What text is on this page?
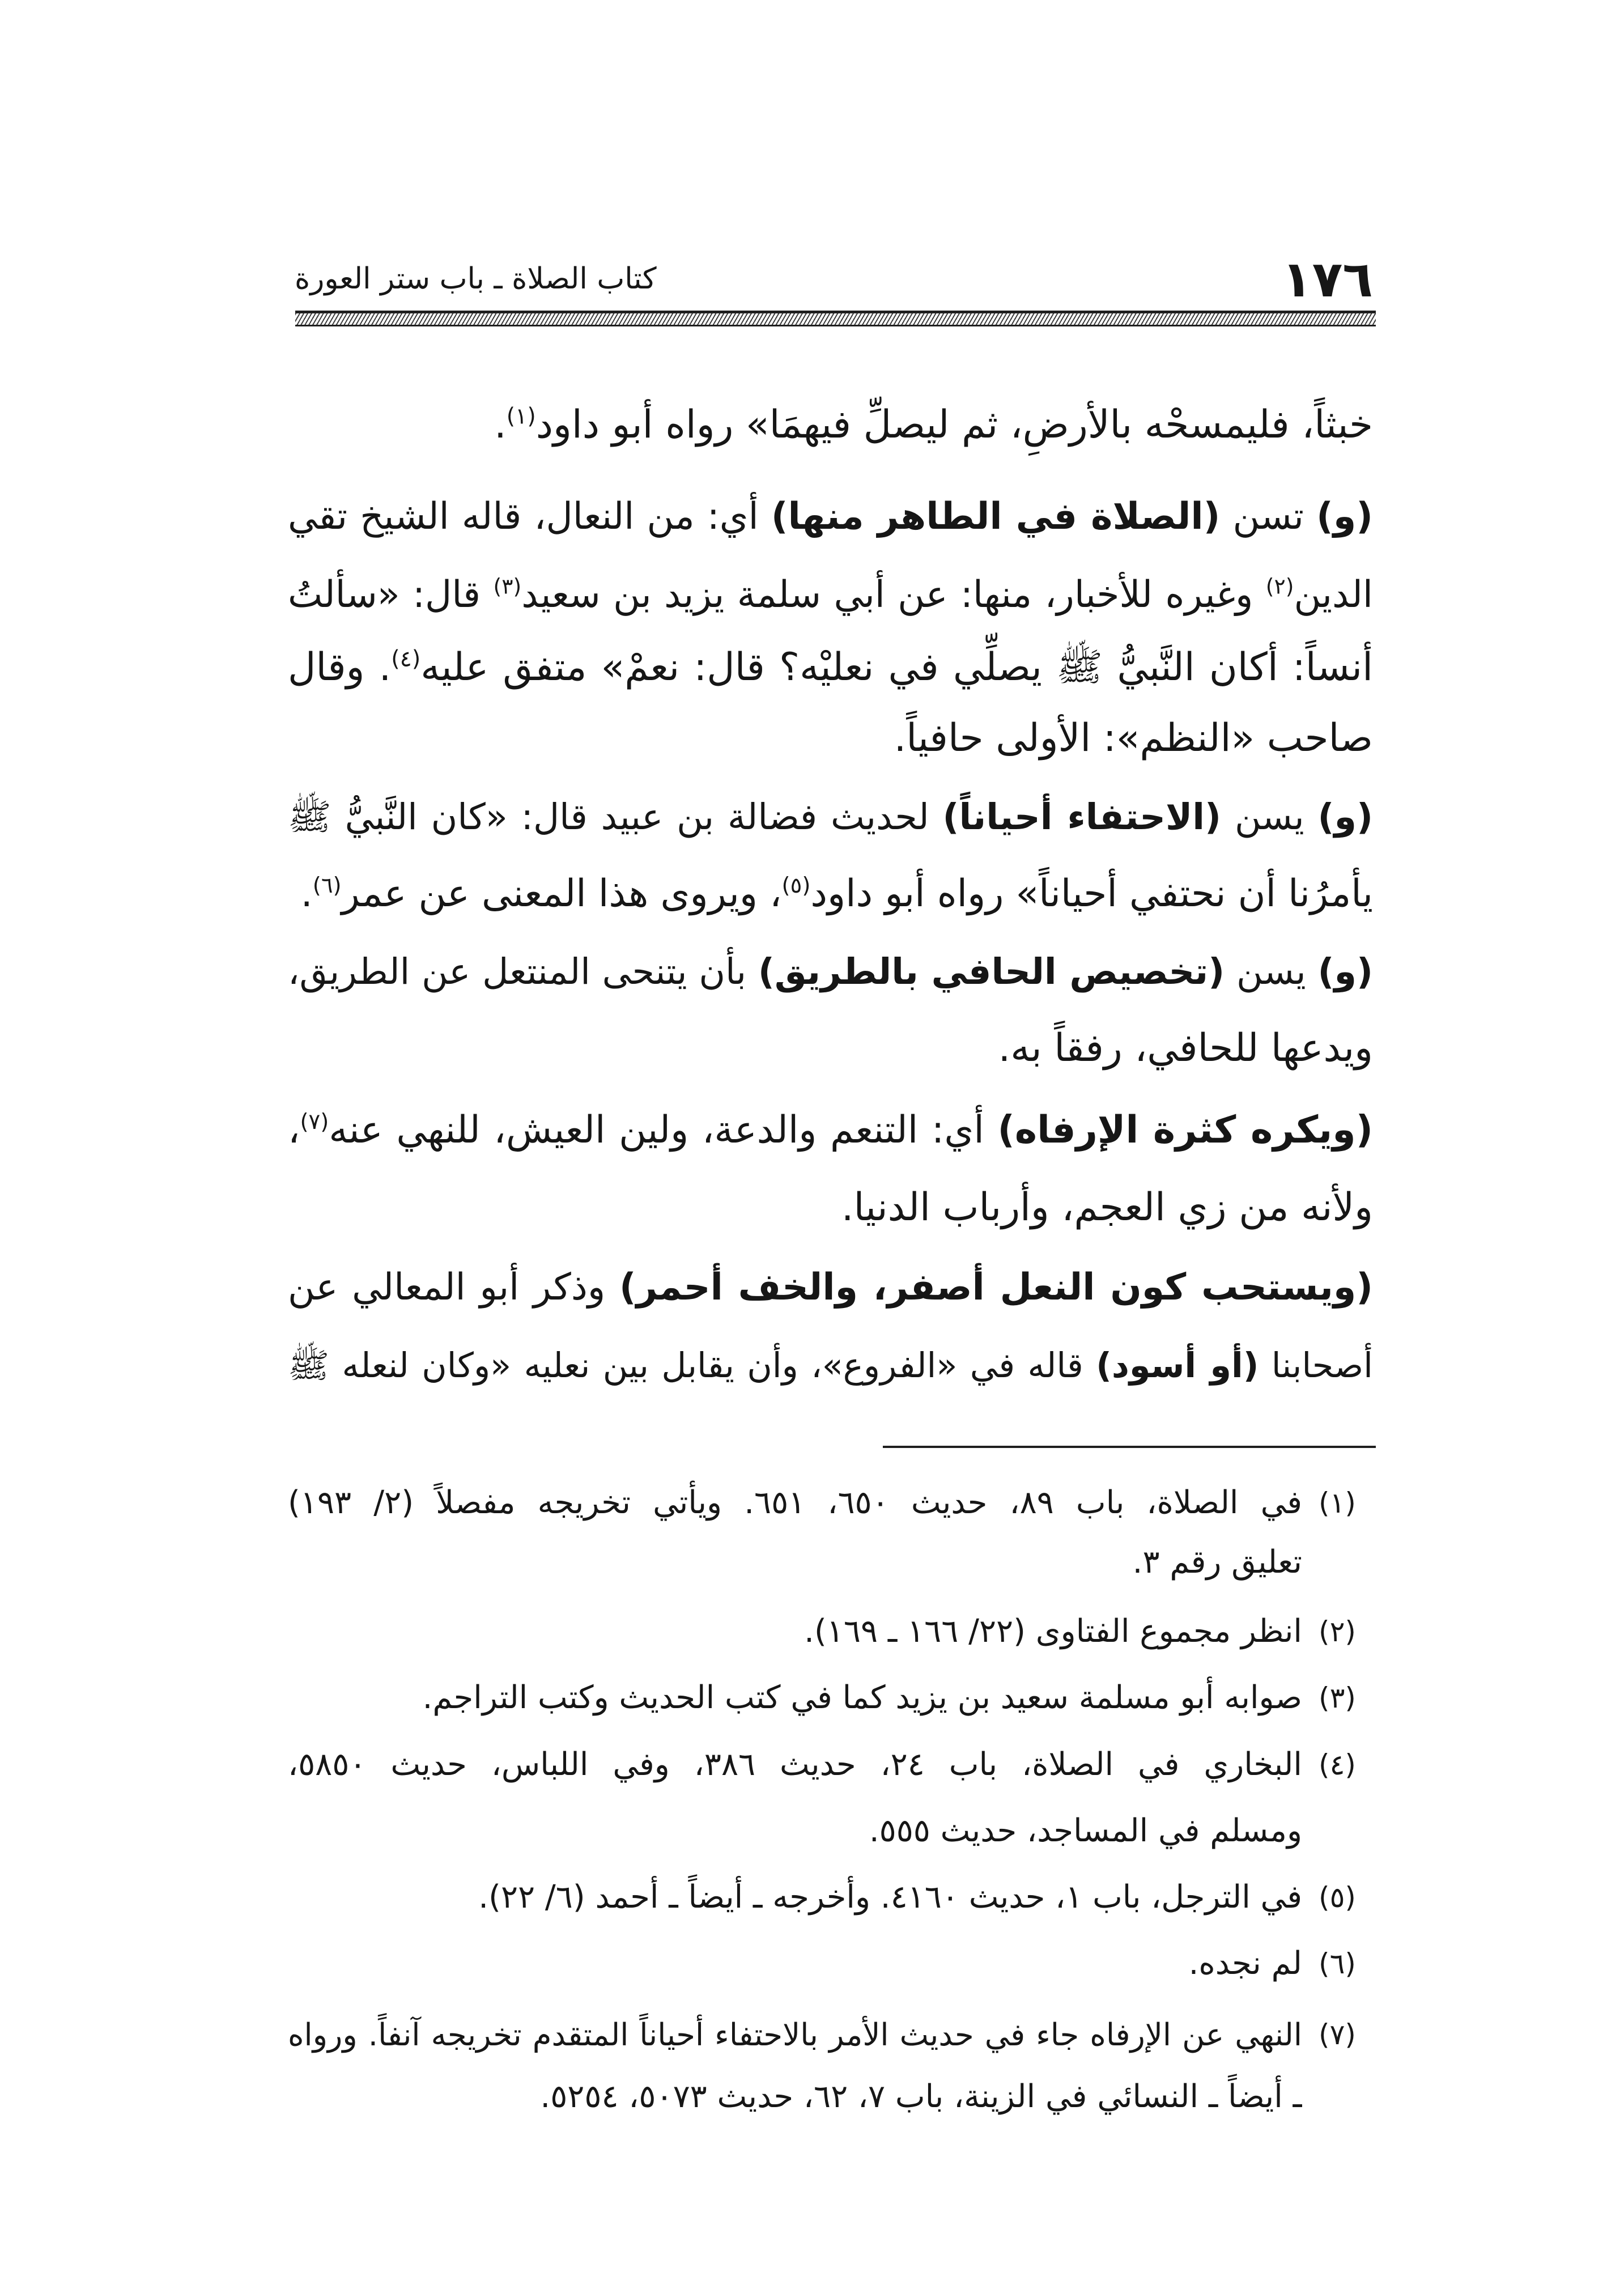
١٧٦
كتاب الصلاة ـ باب ستر العورة
خبثاً، فليمسحْه بالأرضِ، ثم ليصلِّ فيهمَا» رواه أبو داود$^{(١)}$.
(و) تسن (الصلاة في الطاهر منها) أي: من النعال، قاله الشيخ تقي
الدين$^{(٢)}$ وغيره للأخبار، منها: عن أبي سلمة يزيد بن سعيد$^{(٣)}$ قال: «سألتُ
أنساً: أكان النَّبيُّ ﷺ يصلِّي في نعليْه؟ قال: نعمْ» متفق عليه$^{(٤)}$. وقال
صاحب «النظم»: الأولى حافياً.
(و) يسن (الاحتفاء أحياناً) لحديث فضالة بن عبيد قال: «كان النَّبيُّ ﷺ
يأمرُنا أن نحتفي أحياناً» رواه أبو داود$^{(٥)}$، ويروى هذا المعنى عن عمر$^{(٦)}$.
(و) يسن (تخصيص الحافي بالطريق) بأن يتنحى المنتعل عن الطريق،
ويدعها للحافي، رفقاً به.
(ويكره كثرة الإرفاه) أي: التنعم والدعة، ولين العيش، للنهي عنه$^{(٧)}$،
ولأنه من زي العجم، وأرباب الدنيا.
(ويستحب كون النعل أصفر، والخف أحمر) وذكر أبو المعالي عن
أصحابنا (أو أسود) قاله في «الفروع»، وأن يقابل بين نعليه «وكان لنعله ﷺ
(١)
في الصلاة، باب ٨٩، حديث ٦٥٠، ٦٥١. ويأتي تخريجه مفصلاً (٢/ ١٩٣)
تعليق رقم ٣.
(٢)
انظر مجموع الفتاوى (٢٢/ ١٦٦ ـ ١٦٩).
(٣)
صوابه أبو مسلمة سعيد بن يزيد كما في كتب الحديث وكتب التراجم.
(٤)
البخاري في الصلاة، باب ٢٤، حديث ٣٨٦، وفي اللباس، حديث ٥٨٥٠،
ومسلم في المساجد، حديث ٥٥٥.
(٥)
في الترجل، باب ١، حديث ٤١٦٠. وأخرجه ـ أيضاً ـ أحمد (٦/ ٢٢).
(٦)
لم نجده.
(٧)
النهي عن الإرفاه جاء في حديث الأمر بالاحتفاء أحياناً المتقدم تخريجه آنفاً. ورواه
ـ أيضاً ـ النسائي في الزينة، باب ٧، ٦٢، حديث ٥٠٧٣، ٥٢٥٤.
